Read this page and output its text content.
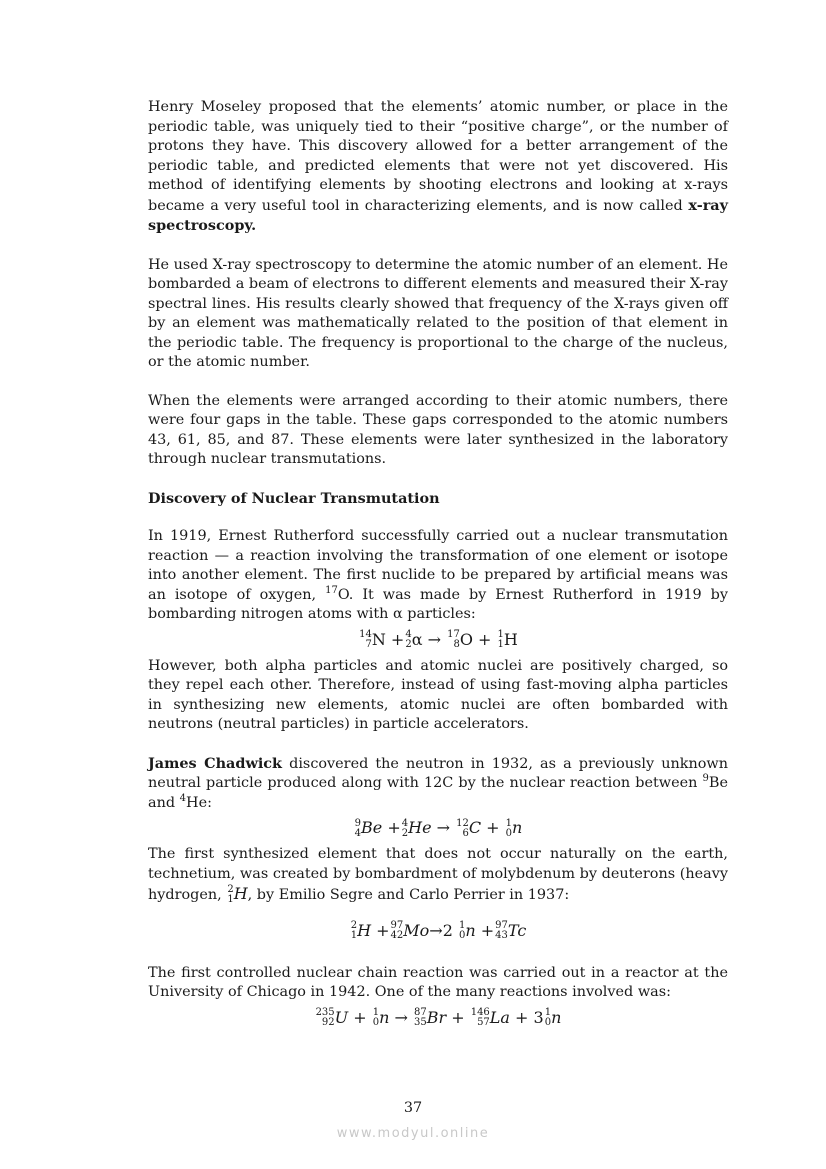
Henry Moseley proposed that the elements’ atomic number, or place in the periodic table, was uniquely tied to their “positive charge”, or the number of protons they have. This discovery allowed for a better arrangement of the periodic table, and predicted elements that were not yet discovered. His method of identifying elements by shooting electrons and looking at x-rays became a very useful tool in characterizing elements, and is now called x-ray spectroscopy.

He used X-ray spectroscopy to determine the atomic number of an element. He bombarded a beam of electrons to different elements and measured their X-ray spectral lines. His results clearly showed that frequency of the X-rays given off by an element was mathematically related to the position of that element in the periodic table. The frequency is proportional to the charge of the nucleus, or the atomic number.

When the elements were arranged according to their atomic numbers, there were four gaps in the table. These gaps corresponded to the atomic numbers 43, 61, 85, and 87. These elements were later synthesized in the laboratory through nuclear transmutations.

Discovery of Nuclear Transmutation

In 1919, Ernest Rutherford successfully carried out a nuclear transmutation reaction — a reaction involving the transformation of one element or isotope into another element. The first nuclide to be prepared by artificial means was an isotope of oxygen, $^{17}$O. It was made by Ernest Rutherford in 1919 by bombarding nitrogen atoms with α particles:

14
7 N + 4
2 α → 17
8 O + 1
1 H

However, both alpha particles and atomic nuclei are positively charged, so they repel each other. Therefore, instead of using fast-moving alpha particles in synthesizing new elements, atomic nuclei are often bombarded with neutrons (neutral particles) in particle accelerators.

James Chadwick discovered the neutron in 1932, as a previously unknown neutral particle produced along with 12C by the nuclear reaction between $^9$Be and $^4$He:

9
4 Be + 4
2 He → 12
6 C + 1
0 n

The first synthesized element that does not occur naturally on the earth, technetium, was created by bombardment of molybdenum by deuterons (heavy hydrogen, 2
1 H, by Emilio Segre and Carlo Perrier in 1937:

2
1 H + 97
42 Mo→2 1
0 n + 97
43 Tc

The first controlled nuclear chain reaction was carried out in a reactor at the University of Chicago in 1942. One of the many reactions involved was:

235
92 U + 1
0 n → 87
35 Br + 146
57 La + 3 1
0 n

37
www.modyul.online
